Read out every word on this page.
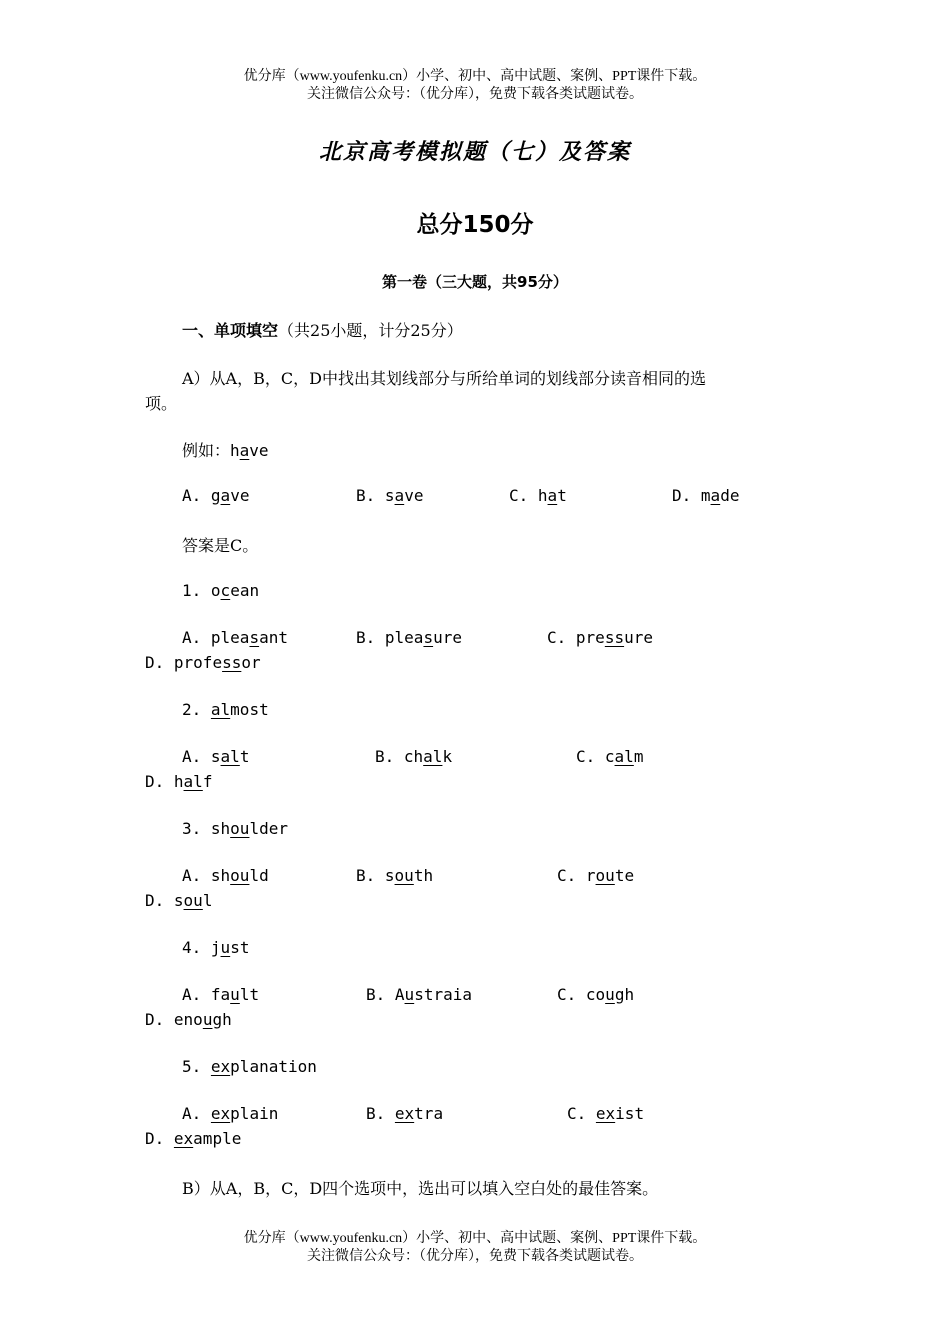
优分库（www.youfenku.cn）小学、初中、高中试题、案例、PPT课件下载。
关注微信公众号：（优分库），免费下载各类试题试卷。
北京高考模拟题（七）及答案
总分150分
第一卷（三大题，共95分）
一、单项填空（共25小题，计分25分）
A）从A，B，C，D中找出其划线部分与所给单词的划线部分读音相同的选
项。
例如：have
A. gave	B. save	C. hat	D. made
答案是C。
1. ocean
A. pleasant	B. pleasure	C. pressure
D. professor
2. almost
A. salt	B. chalk	C. calm
D. half
3. shoulder
A. should	B. south	C. route
D. soul
4. just
A. fault	B. Austraia	C. cough
D. enough
5. explanation
A. explain	B. extra	C. exist
D. example
B）从A，B，C，D四个选项中，选出可以填入空白处的最佳答案。
优分库（www.youfenku.cn）小学、初中、高中试题、案例、PPT课件下载。
关注微信公众号：（优分库），免费下载各类试题试卷。
